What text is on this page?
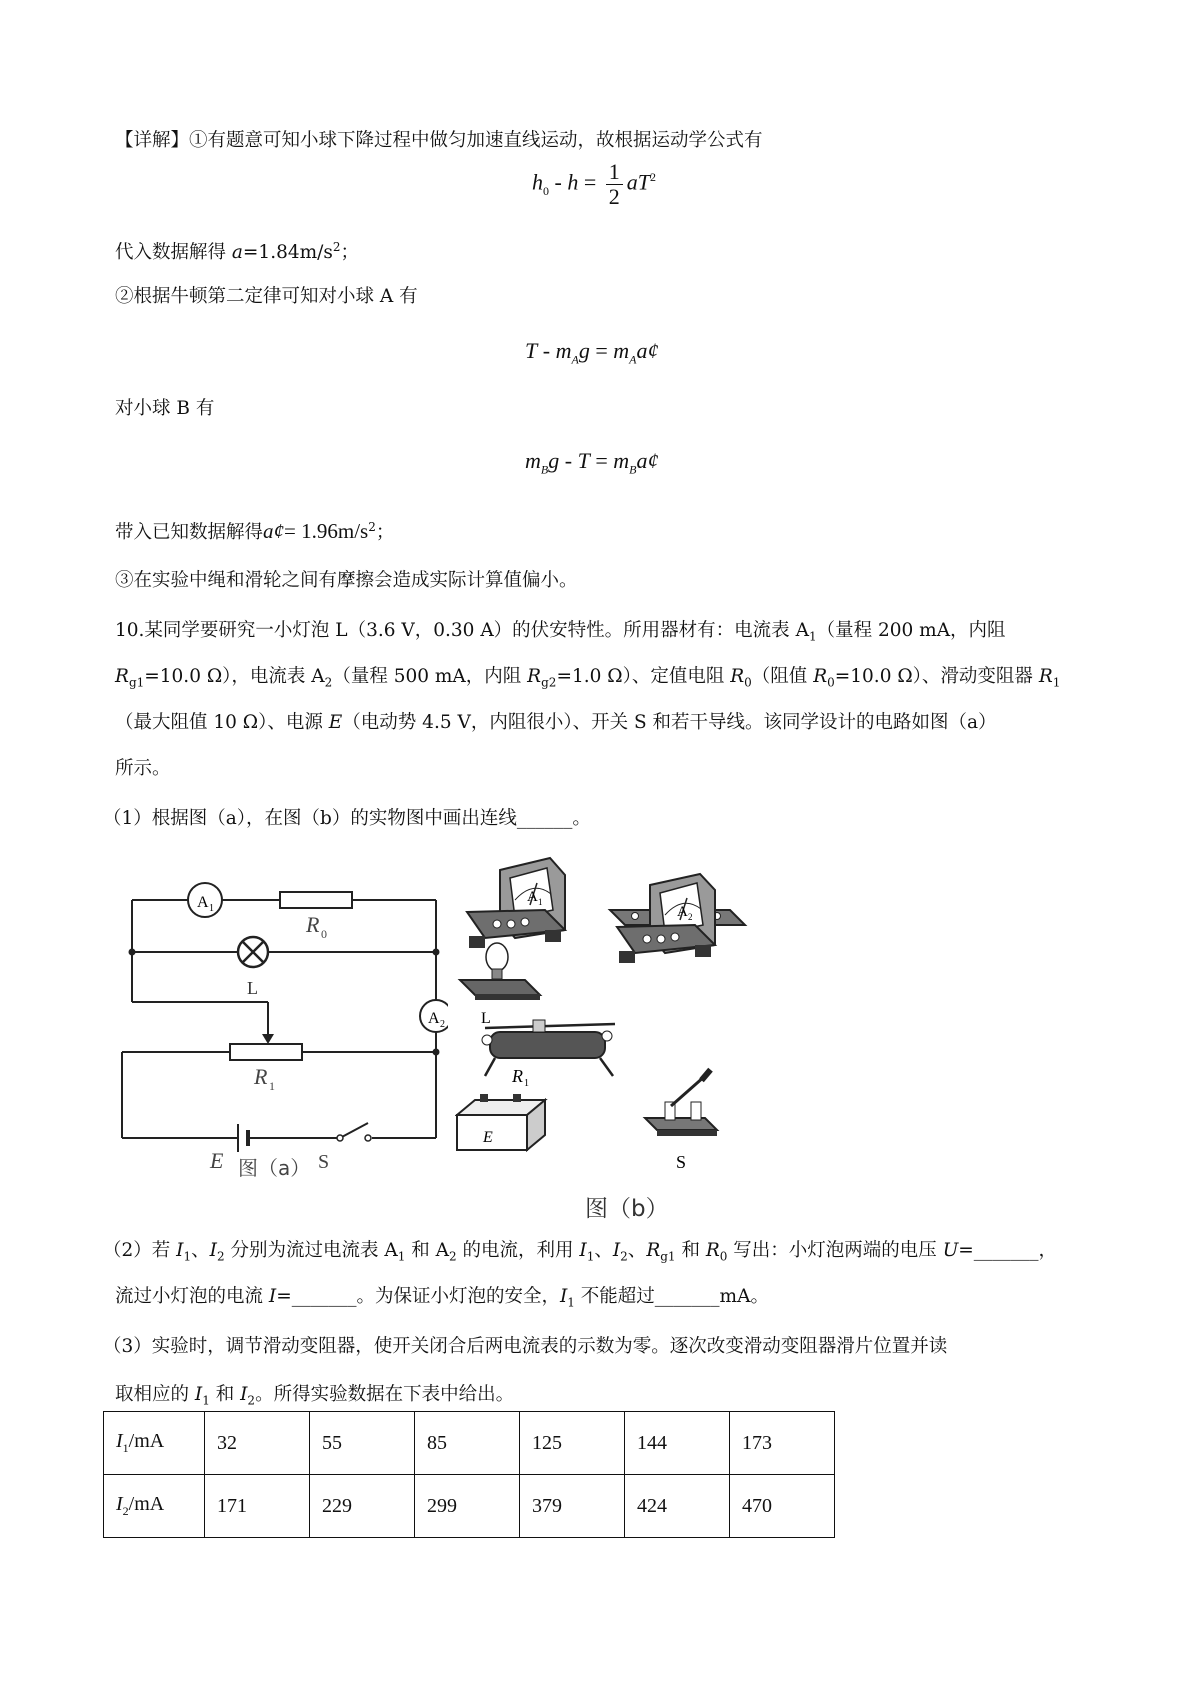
【详解】①有题意可知小球下降过程中做匀加速直线运动，故根据运动学公式有
$h_0 - h = \frac{1}{2} aT^2$
代入数据解得 $a=1.84m/s^2$；
②根据牛顿第二定律可知对小球 A 有
T - $m_Ag$ = $m_Aa¢$
对小球 B 有
$m_Bg$ - $T = m_Ba¢$
带入已知数据解得a¢= $1.96m/s^2$；
③在实验中绳和滑轮之间有摩擦会造成实际计算值偏小。
10.某同学要研究一小灯泡 L（3.6 V，0.30 A）的伏安特性。所用器材有：电流表 $A_1$（量程 200 mA，内阻
$R_{g1}=10.0$ Ω），电流表 $A_2$（量程 500 mA，内阻 $R_{g2}=1.0$ Ω）、定值电阻 $R_0$（阻值 $R_0=10.0$ Ω）、滑动变阻器 $R_1$
（最大阻值 10 Ω）、电源 E（电动势 4.5 V，内阻很小）、开关 S 和若干导线。该同学设计的电路如图（a）
所示。
（1）根据图（a），在图（b）的实物图中画出连线______。
A 1
A 2
R 0
L
R 1
E	S
图（a）
A 1
L
A 2
R 1
E
S
图（b）
（2）若 $I_1$、$I_2$ 分别为流过电流表 $A_1$ 和 $A_2$ 的电流，利用 $I_1$、$I_2$、$R_{g1}$ 和 $R_0$ 写出：小灯泡两端的电压 U=_______，
流过小灯泡的电流 I=_______。为保证小灯泡的安全，$I_1$ 不能超过_______mA。
（3）实验时，调节滑动变阻器，使开关闭合后两电流表的示数为零。逐次改变滑动变阻器滑片位置并读
取相应的 $I_1$ 和 $I_2$。所得实验数据在下表中给出。
$I_1/mA$	32	55	85	125	144	173
$I_2/mA$	171	229	299	379	424	470
